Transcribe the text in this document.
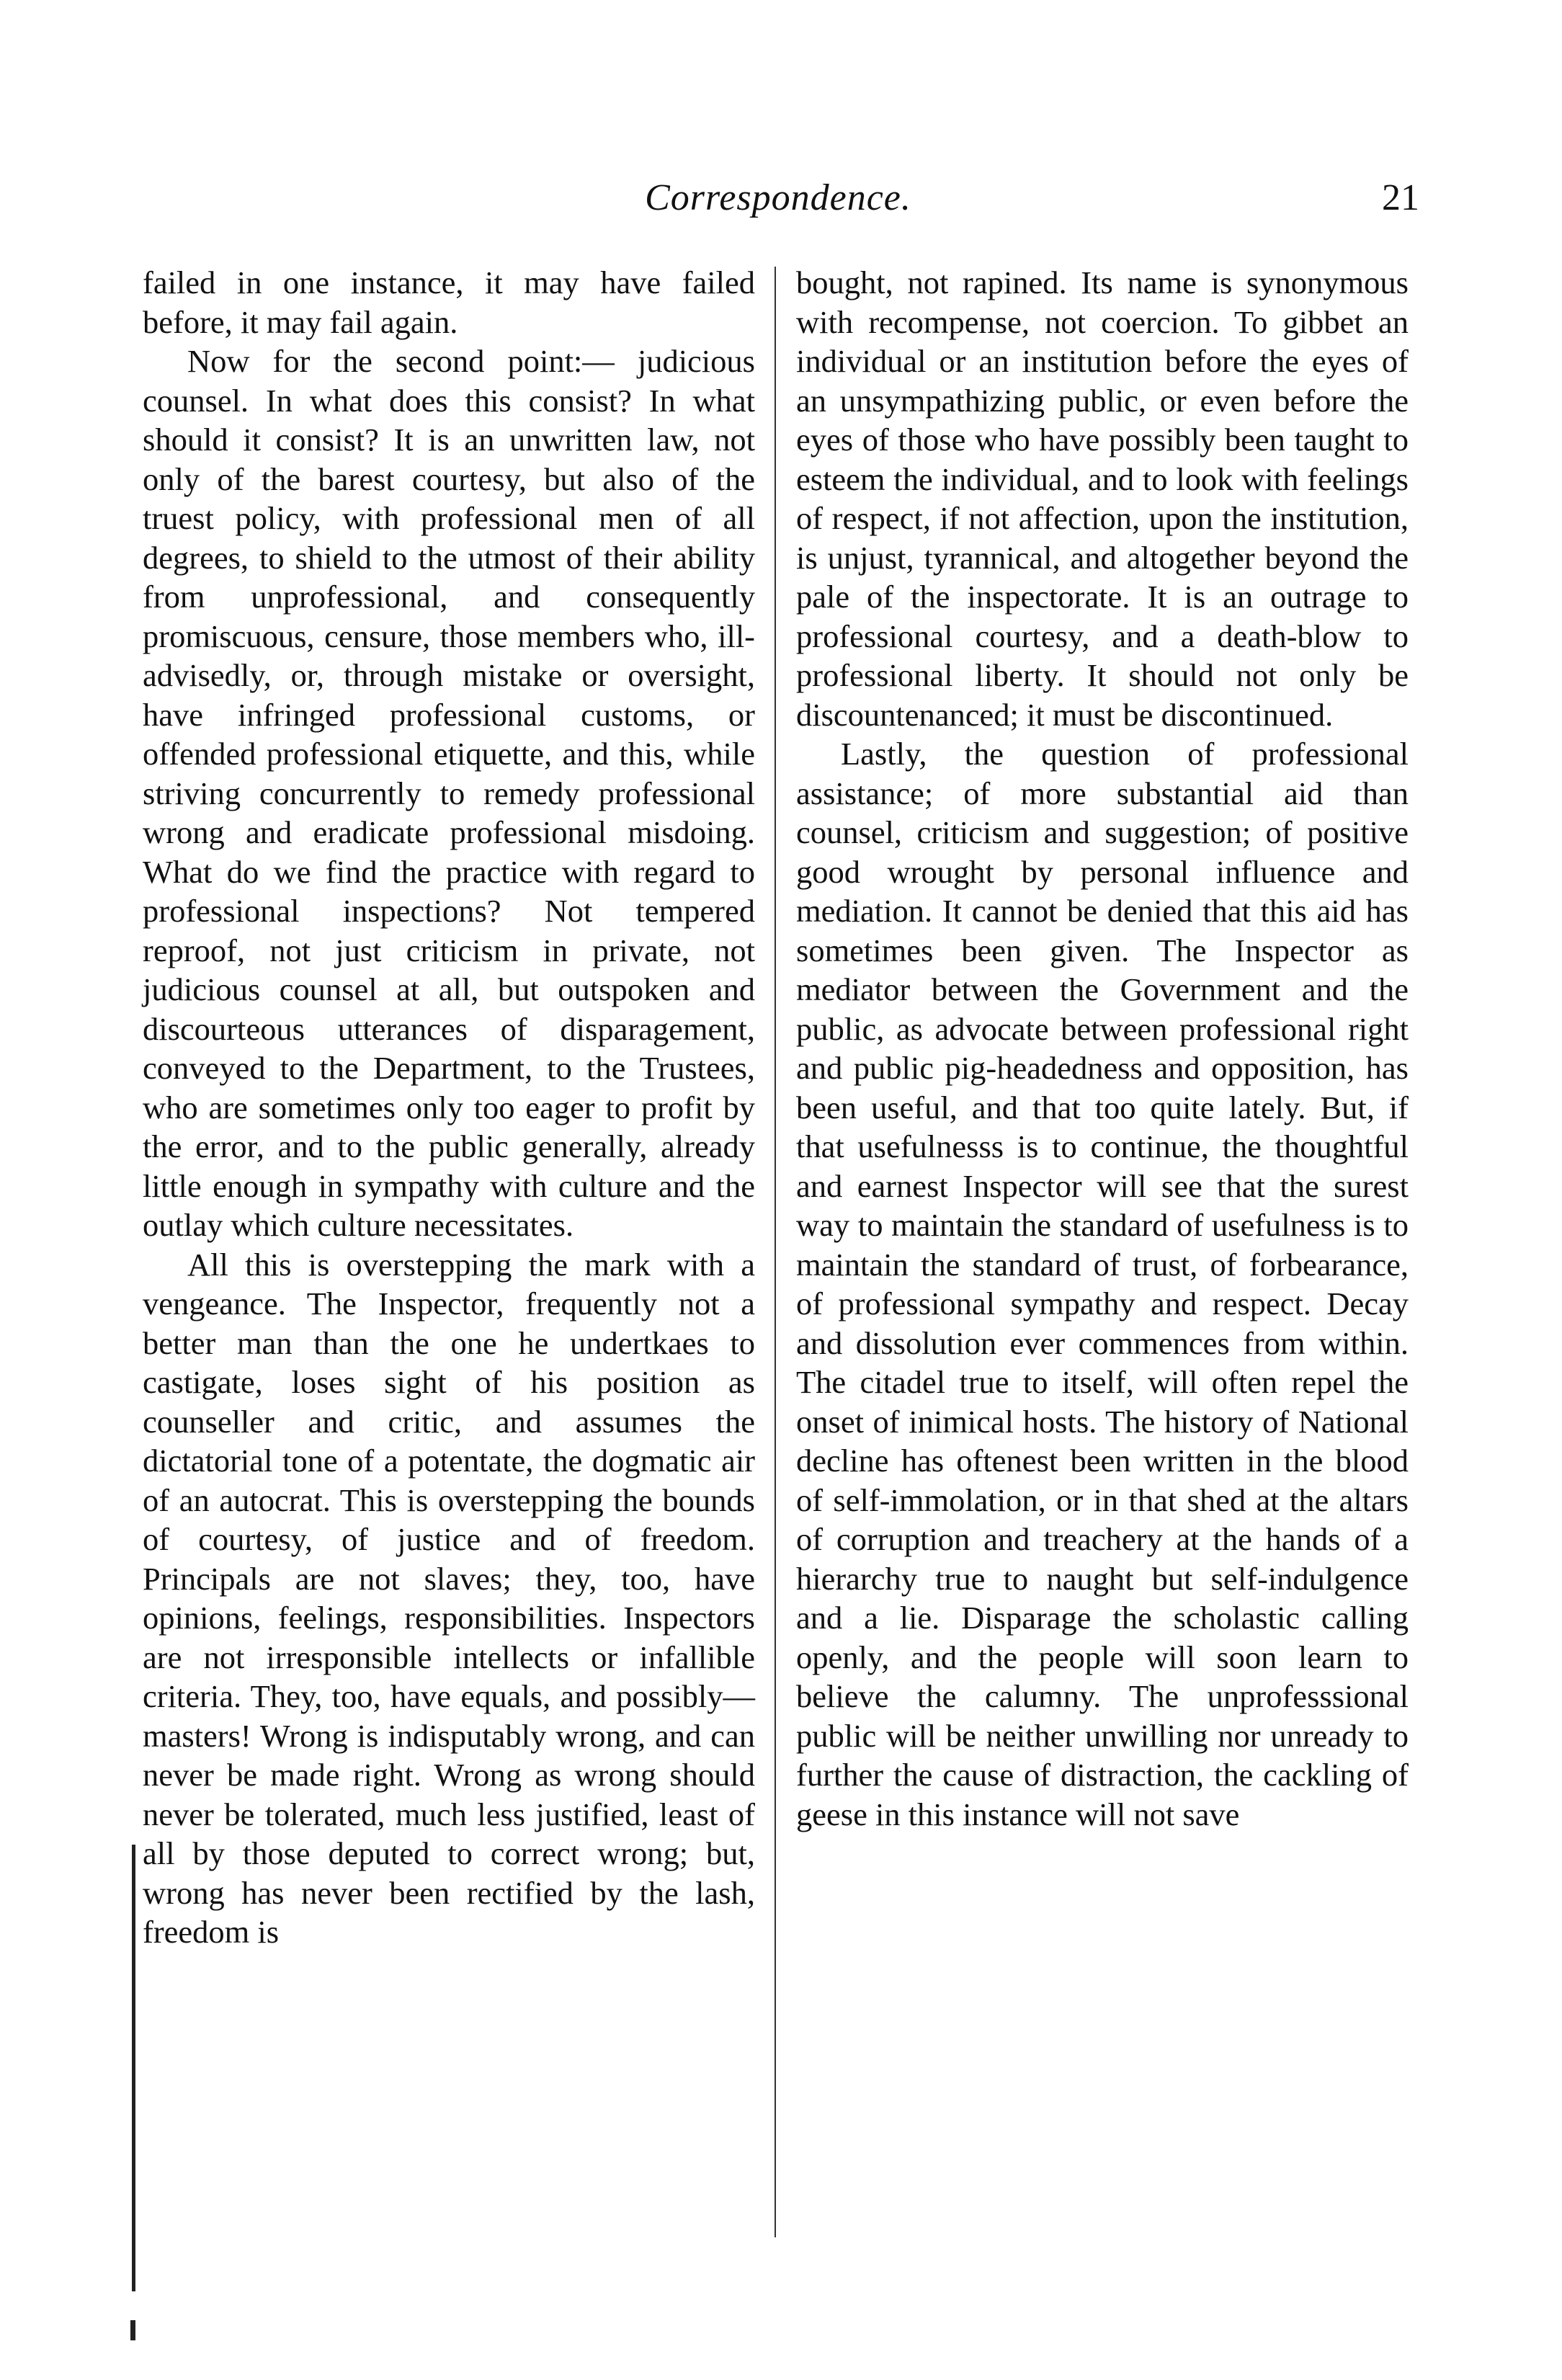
Correspondence.	21

failed in one instance, it may have failed before, it may fail again.

Now for the second point:— judicious counsel. In what does this consist? In what should it consist? It is an unwritten law, not only of the barest courtesy, but also of the truest policy, with professional men of all degrees, to shield to the utmost of their ability from unprofessional, and consequently promiscuous, censure, those members who, ill-advisedly, or, through mistake or oversight, have infringed professional customs, or offended professional etiquette, and this, while striving concurrently to remedy professional wrong and eradicate professional misdoing. What do we find the practice with regard to professional inspections? Not tempered reproof, not just criticism in private, not judicious counsel at all, but outspoken and discourteous utterances of disparagement, conveyed to the Department, to the Trustees, who are sometimes only too eager to profit by the error, and to the public generally, already little enough in sympathy with culture and the outlay which culture necessitates.

All this is overstepping the mark with a vengeance. The Inspector, frequently not a better man than the one he undertkaes to castigate, loses sight of his position as counseller and critic, and assumes the dictatorial tone of a potentate, the dogmatic air of an autocrat. This is overstepping the bounds of courtesy, of justice and of freedom. Principals are not slaves; they, too, have opinions, feelings, responsibilities. Inspectors are not irresponsible intellects or infallible criteria. They, too, have equals, and possibly—masters! Wrong is indisputably wrong, and can never be made right. Wrong as wrong should never be tolerated, much less justified, least of all by those deputed to correct wrong; but, wrong has never been rectified by the lash, freedom is

bought, not rapined. Its name is synonymous with recompense, not coercion. To gibbet an individual or an institution before the eyes of an unsympathizing public, or even before the eyes of those who have possibly been taught to esteem the individual, and to look with feelings of respect, if not affection, upon the institution, is unjust, tyrannical, and altogether beyond the pale of the inspectorate. It is an outrage to professional courtesy, and a death-blow to professional liberty. It should not only be discountenanced; it must be discontinued.

Lastly, the question of professional assistance; of more substantial aid than counsel, criticism and suggestion; of positive good wrought by personal influence and mediation. It cannot be denied that this aid has sometimes been given. The Inspector as mediator between the Government and the public, as advocate between professional right and public pig-headedness and opposition, has been useful, and that too quite lately. But, if that usefulnesss is to continue, the thoughtful and earnest Inspector will see that the surest way to maintain the standard of usefulness is to maintain the standard of trust, of forbearance, of professional sympathy and respect. Decay and dissolution ever commences from within. The citadel true to itself, will often repel the onset of inimical hosts. The history of National decline has oftenest been written in the blood of self-immolation, or in that shed at the altars of corruption and treachery at the hands of a hierarchy true to naught but self-indulgence and a lie. Disparage the scholastic calling openly, and the people will soon learn to believe the calumny. The unprofesssional public will be neither unwilling nor unready to further the cause of distraction, the cackling of geese in this instance will not save
